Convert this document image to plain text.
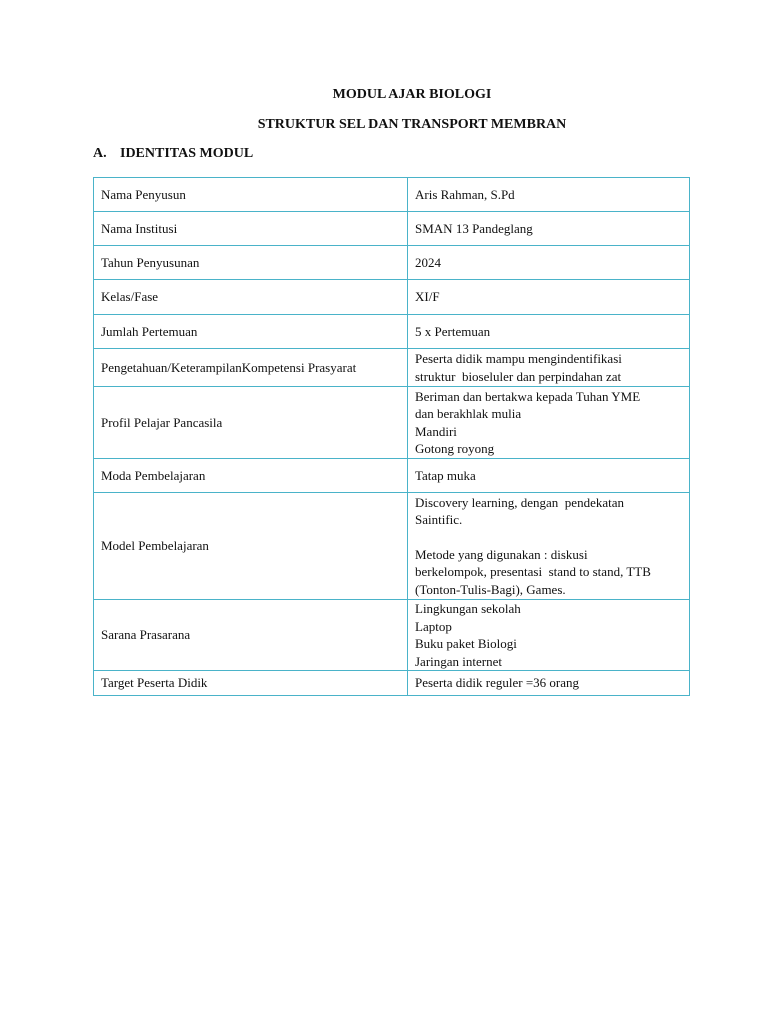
MODUL AJAR BIOLOGI
STRUKTUR SEL DAN TRANSPORT MEMBRAN
A. IDENTITAS MODUL
Nama Penyusun	Aris Rahman, S.Pd

Nama Institusi	SMAN 13 Pandeglang

Tahun Penyusunan	2024

Kelas/Fase	XI/F

Jumlah Pertemuan	5 x Pertemuan

Pengetahuan/KeterampilanKompetensi Prasyarat	Peserta didik mampu mengindentifikasi
struktur  bioseluler dan perpindahan zat

Profil Pelajar Pancasila	Beriman dan bertakwa kepada Tuhan YME
dan berakhlak mulia
Mandiri
Gotong royong

Moda Pembelajaran	Tatap muka

Model Pembelajaran	Discovery learning, dengan  pendekatan
Saintific.
Metode yang digunakan : diskusi
berkelompok, presentasi  stand to stand, TTB
(Tonton-Tulis-Bagi), Games.

Sarana Prasarana	Lingkungan sekolah
Laptop
Buku paket Biologi
Jaringan internet

Target Peserta Didik	Peserta didik reguler =36 orang
